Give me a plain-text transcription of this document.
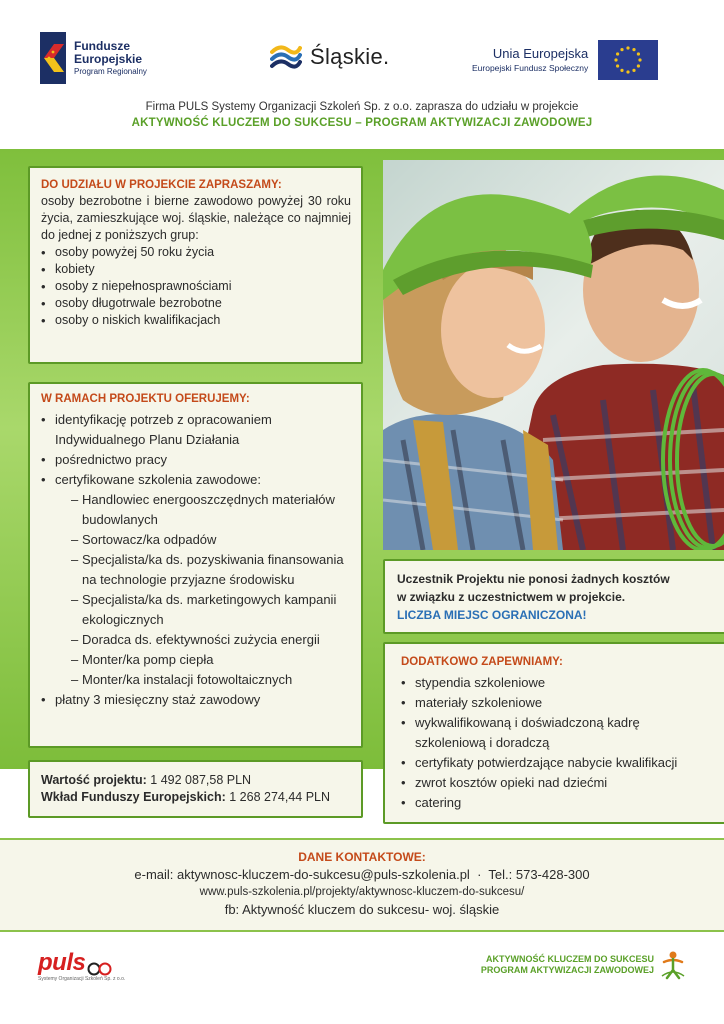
Fundusze
Europejskie
Program Regionalny
Śląskie.	Unia Europejska
Europejski Fundusz Społeczny
Firma PULS Systemy Organizacji Szkoleń Sp. z o.o. zaprasza do udziału w projekcie
AKTYWNOŚĆ KLUCZEM DO SUKCESU – PROGRAM AKTYWIZACJI ZAWODOWEJ
DO UDZIAŁU W PROJEKCIE ZAPRASZAMY:
osoby bezrobotne i bierne zawodowo powyżej 30 roku życia, zamieszkujące woj. śląskie, należące co najmniej do jednej z poniższych grup:
• osoby powyżej 50 roku życia
• kobiety
• osoby z niepełnosprawnościami
• osoby długotrwale bezrobotne
• osoby o niskich kwalifikacjach
W RAMACH PROJEKTU OFERUJEMY:
• identyfikację potrzeb z opracowaniem Indywidualnego Planu Działania
• pośrednictwo pracy
• certyfikowane szkolenia zawodowe:
– Handlowiec energooszczędnych materiałów budowlanych
– Sortowacz/ka odpadów
– Specjalista/ka ds. pozyskiwania finansowania na technologie przyjazne środowisku
– Specjalista/ka ds. marketingowych kampanii ekologicznych
– Doradca ds. efektywności zużycia energii
– Monter/ka pomp ciepła
– Monter/ka instalacji fotowoltaicznych
• płatny 3 miesięczny staż zawodowy
Wartość projektu: 1 492 087,58 PLN
Wkład Funduszy Europejskich: 1 268 274,44 PLN
Uczestnik Projektu nie ponosi żadnych kosztów
w związku z uczestnictwem w projekcie.
LICZBA MIEJSC OGRANICZONA!
DODATKOWO ZAPEWNIAMY:
• stypendia szkoleniowe
• materiały szkoleniowe
• wykwalifikowaną i doświadczoną kadrę szkoleniową i doradczą
• certyfikaty potwierdzające nabycie kwalifikacji
• zwrot kosztów opieki nad dziećmi
• catering
DANE KONTAKTOWE:
e-mail: aktywnosc-kluczem-do-sukcesu@puls-szkolenia.pl · Tel.: 573-428-300
www.puls-szkolenia.pl/projekty/aktywnosc-kluczem-do-sukcesu/
fb: Aktywność kluczem do sukcesu- woj. śląskie
puls
Systemy Organizacji Szkoleń Sp. z o.o.
AKTYWNOŚĆ KLUCZEM DO SUKCESU
PROGRAM AKTYWIZACJI ZAWODOWEJ
